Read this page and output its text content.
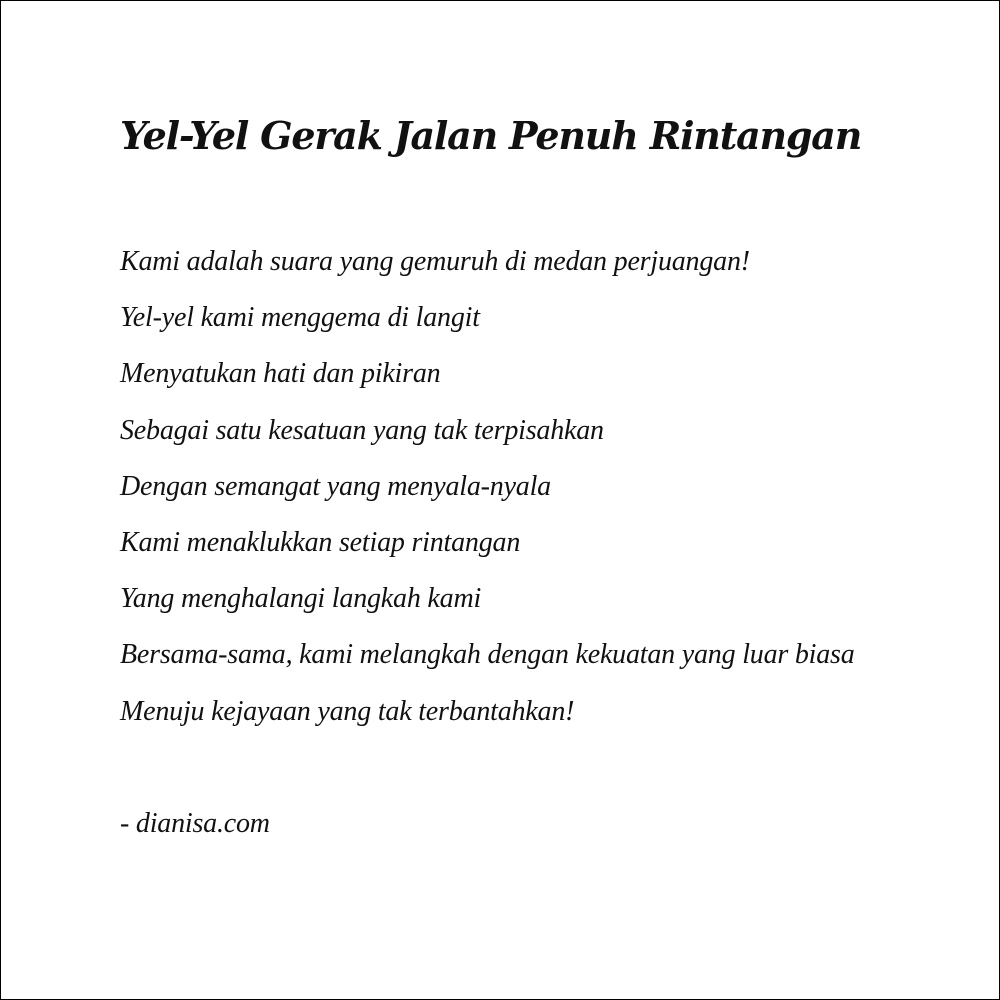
Yel-Yel Gerak Jalan Penuh Rintangan
Kami adalah suara yang gemuruh di medan perjuangan!
Yel-yel kami menggema di langit
Menyatukan hati dan pikiran
Sebagai satu kesatuan yang tak terpisahkan
Dengan semangat yang menyala-nyala
Kami menaklukkan setiap rintangan
Yang menghalangi langkah kami
Bersama-sama, kami melangkah dengan kekuatan yang luar biasa
Menuju kejayaan yang tak terbantahkan!

- dianisa.com
